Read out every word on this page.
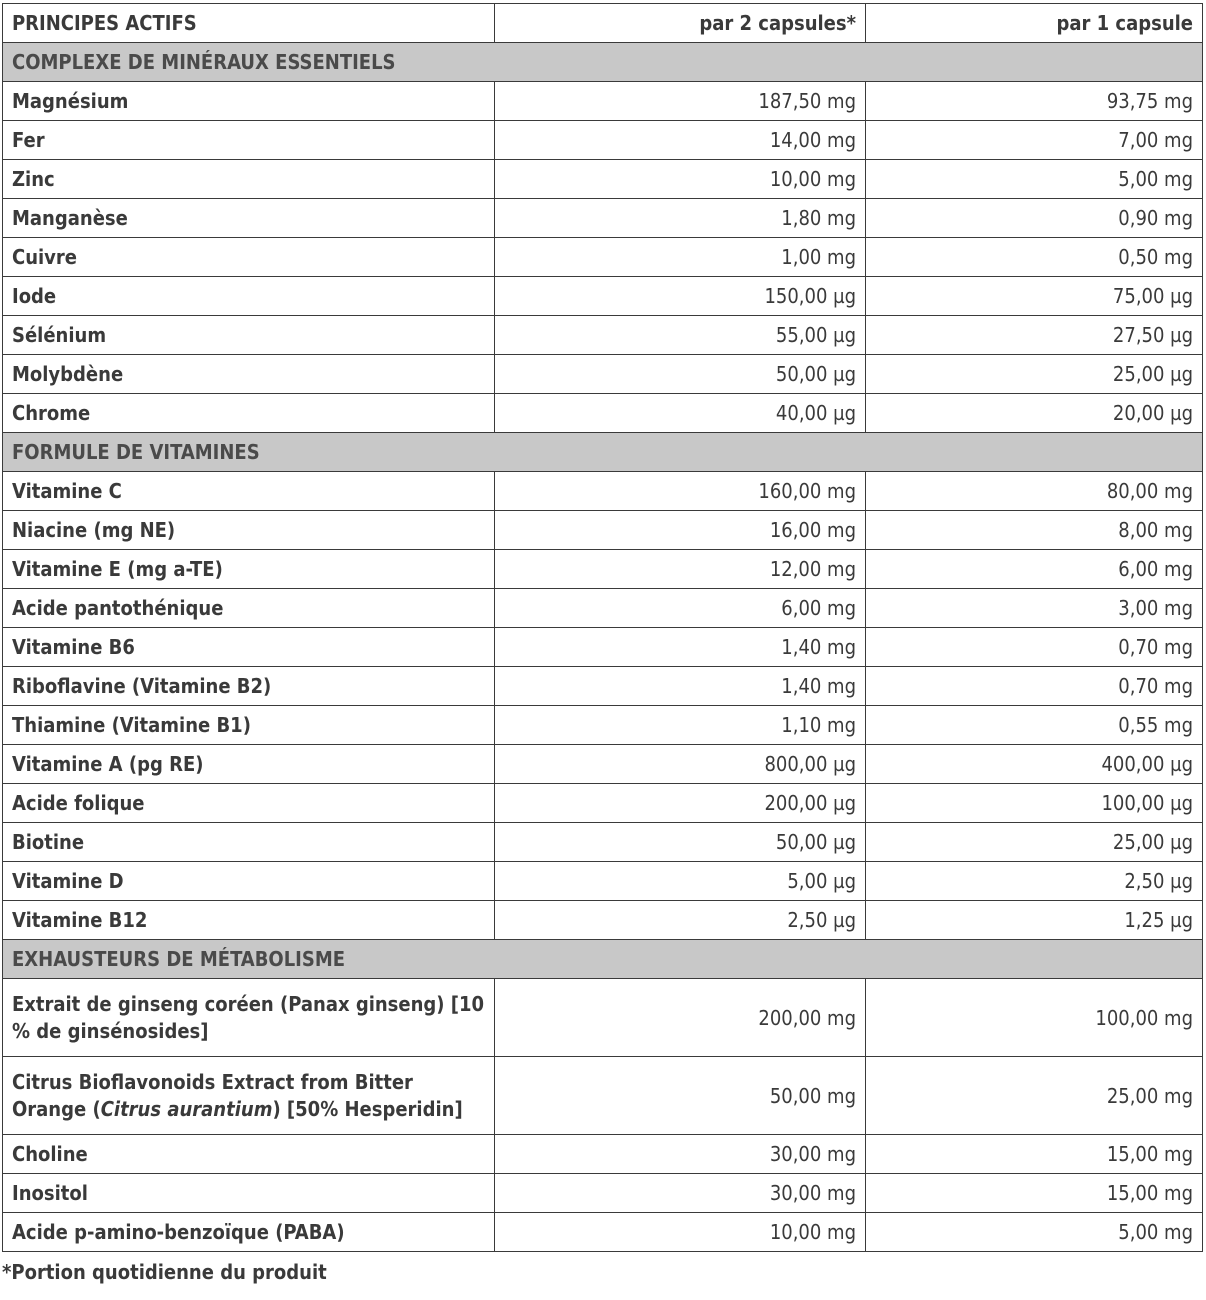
PRINCIPES ACTIFS	par 2 capsules*	par 1 capsule
COMPLEXE DE MINÉRAUX ESSENTIELS		
Magnésium	187,50 mg	93,75 mg
Fer	14,00 mg	7,00 mg
Zinc	10,00 mg	5,00 mg
Manganèse	1,80 mg	0,90 mg
Cuivre	1,00 mg	0,50 mg
Iode	150,00 µg	75,00 µg
Sélénium	55,00 µg	27,50 µg
Molybdène	50,00 µg	25,00 µg
Chrome	40,00 µg	20,00 µg
FORMULE DE VITAMINES		
Vitamine C	160,00 mg	80,00 mg
Niacine (mg NE)	16,00 mg	8,00 mg
Vitamine E (mg a-TE)	12,00 mg	6,00 mg
Acide pantothénique	6,00 mg	3,00 mg
Vitamine B6	1,40 mg	0,70 mg
Riboflavine (Vitamine B2)	1,40 mg	0,70 mg
Thiamine (Vitamine B1)	1,10 mg	0,55 mg
Vitamine A (pg RE)	800,00 µg	400,00 µg
Acide folique	200,00 µg	100,00 µg
Biotine	50,00 µg	25,00 µg
Vitamine D	5,00 µg	2,50 µg
Vitamine B12	2,50 µg	1,25 µg
EXHAUSTEURS DE MÉTABOLISME		
Extrait de ginseng coréen (Panax ginseng) [10 % de ginsénosides]	200,00 mg	100,00 mg
Citrus Bioflavonoids Extract from Bitter Orange (Citrus aurantium) [50% Hesperidin]	50,00 mg	25,00 mg
Choline	30,00 mg	15,00 mg
Inositol	30,00 mg	15,00 mg
Acide p-amino-benzoïque (PABA)	10,00 mg	5,00 mg
*Portion quotidienne du produit
